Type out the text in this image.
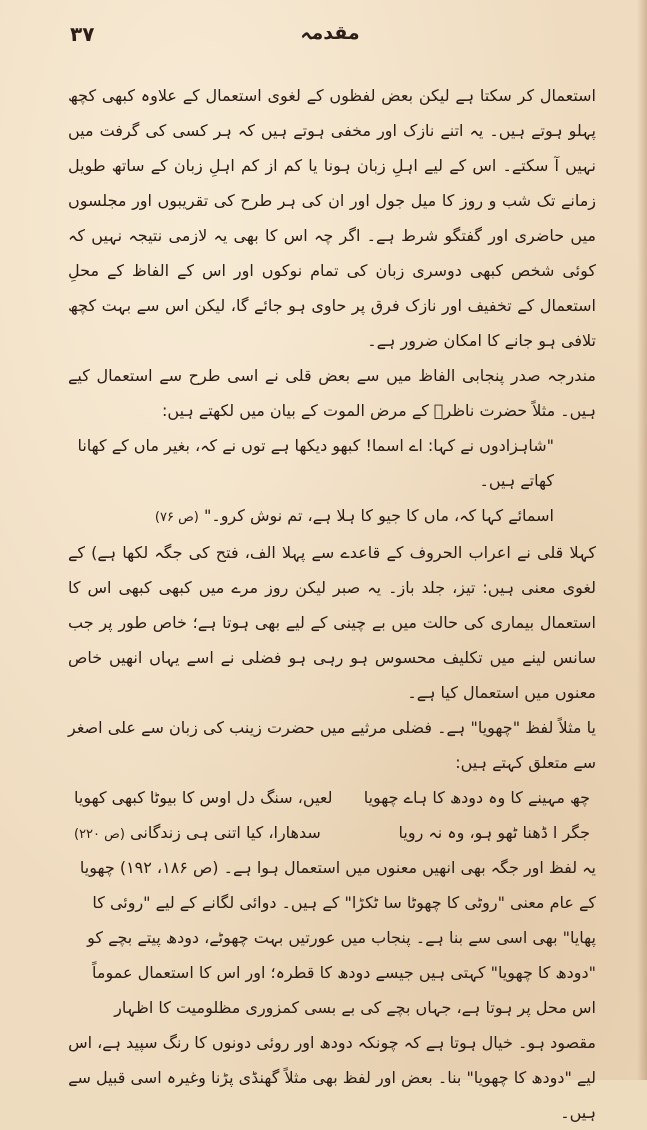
۳۷	مقدمہ

استعمال کر سکتا ہے لیکن بعض لفظوں کے لغوی استعمال کے علاوہ کبھی کچھ پہلو ہوتے ہیں۔ یہ اتنے نازک اور مخفی ہوتے ہیں کہ ہر کسی کی گرفت میں نہیں آ سکتے۔ اس کے لیے اہلِ زبان ہونا یا کم از کم اہلِ زبان کے ساتھ طویل زمانے تک شب و روز کا میل جول اور ان کی ہر طرح کی تقریبوں اور مجلسوں میں حاضری اور گفتگو شرط ہے۔ اگر چہ اس کا بھی یہ لازمی نتیجہ نہیں کہ کوئی شخص کبھی دوسری زبان کی تمام نوکوں اور اس کے الفاظ کے محلِ استعمال کے تخفیف اور نازک فرق پر حاوی ہو جائے گا، لیکن اس سے بہت کچھ تلافی ہو جانے کا امکان ضرور ہے۔

مندرجہ صدر پنجابی الفاظ میں سے بعض قلی نے اسی طرح سے استعمال کیے ہیں۔ مثلاً حضرت ناظرؓ کے مرض الموت کے بیان میں لکھتے ہیں:

"شاہزادوں نے کہا: اے اسما! کبھو دیکھا ہے توں نے کہ، بغیر ماں کے کھانا کھاتے ہیں۔

اسمائے کہا کہ، ماں کا جیو کا ہلا ہے، تم نوش کرو۔" (ص ۷۶)

کہلا قلی نے اعراب الحروف کے قاعدے سے پہلا الف، فتح کی جگہ لکھا ہے) کے لغوی معنی ہیں: تیز، جلد باز۔ یہ صبر لیکن روز مرے میں کبھی کبھی اس کا استعمال بیماری کی حالت میں بے چینی کے لیے بھی ہوتا ہے؛ خاص طور پر جب سانس لینے میں تکلیف محسوس ہو رہی ہو فضلی نے اسے یہاں انھیں خاص معنوں میں استعمال کیا ہے۔

یا مثلاً لفظ "چھویا" ہے۔ فضلی مرثیے میں حضرت زینب کی زبان سے علی اصغر سے متعلق کہتے ہیں:

چھ مہینے کا وہ دودھ کا ہاے چھویا
لعیں، سنگ دل اوس کا بیوٹا کبھی کھویا
جگر ا ڈھنا ٹھو ہو، وہ نہ رویا
سدھارا، کیا اتنی ہی زندگانی (ص ۲۲۰)

یہ لفظ اور جگہ بھی انھیں معنوں میں استعمال ہوا ہے۔ (ص ۱۸۶، ۱۹۲) چھویا کے عام معنی "روٹی کا چھوٹا سا ٹکڑا" کے ہیں۔ دوائی لگانے کے لیے "روئی کا پھایا" بھی اسی سے بنا ہے۔ پنجاب میں عورتیں بہت چھوٹے، دودھ پیتے بچے کو "دودھ کا چھویا" کہتی ہیں جیسے دودھ کا قطرہ؛ اور اس کا استعمال عموماً اس محل پر ہوتا ہے، جہاں بچے کی بے بسی کمزوری مظلومیت کا اظہار مقصود ہو۔ خیال ہوتا ہے کہ چونکہ دودھ اور روئی دونوں کا رنگ سپید ہے، اس لیے "دودھ کا چھویا" بنا۔ بعض اور لفظ بھی مثلاً گھنڈی پڑنا وغیرہ اسی قبیل سے ہیں۔
